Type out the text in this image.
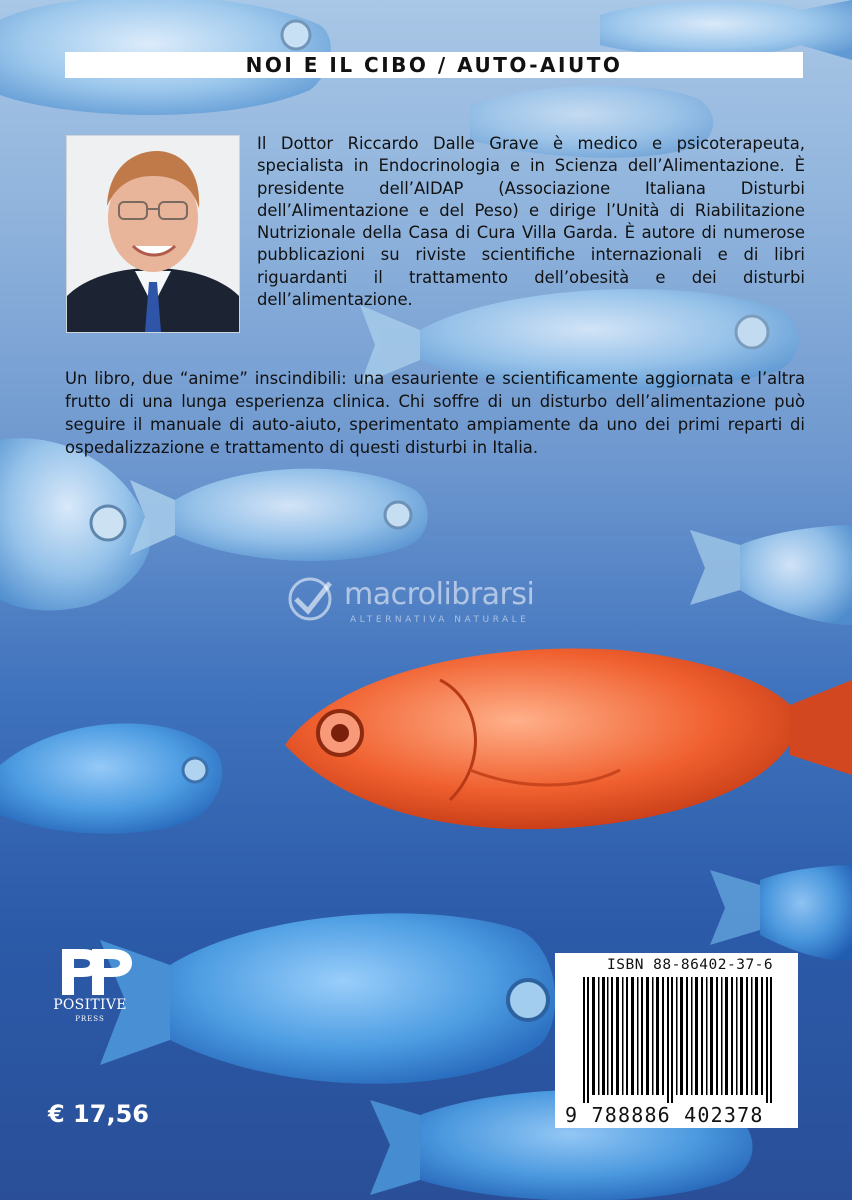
NOI E IL CIBO / AUTO-AIUTO

Il Dottor Riccardo Dalle Grave è medico e psicoterapeuta, specialista in Endocrinologia e in Scienza dell’Alimentazione. È presidente dell’AIDAP (Associazione Italiana Disturbi dell’Alimentazione e del Peso) e dirige l’Unità di Riabilitazione Nutrizionale della Casa di Cura Villa Garda. È autore di numerose pubblicazioni su riviste scientifiche internazionali e di libri riguardanti il trattamento dell’obesità e dei disturbi dell’alimentazione.

Un libro, due “anime” inscindibili: una esauriente e scientificamente aggiornata e l’altra frutto di una lunga esperienza clinica. Chi soffre di un disturbo dell’alimentazione può seguire il manuale di auto-aiuto, sperimentato ampiamente da uno dei primi reparti di ospedalizzazione e trattamento di questi disturbi in Italia.

macrolibrarsi
ALTERNATIVA NATURALE
POSITIVE
PRESS
€ 17,56
ISBN 88-86402-37-6
9 788886 402378
